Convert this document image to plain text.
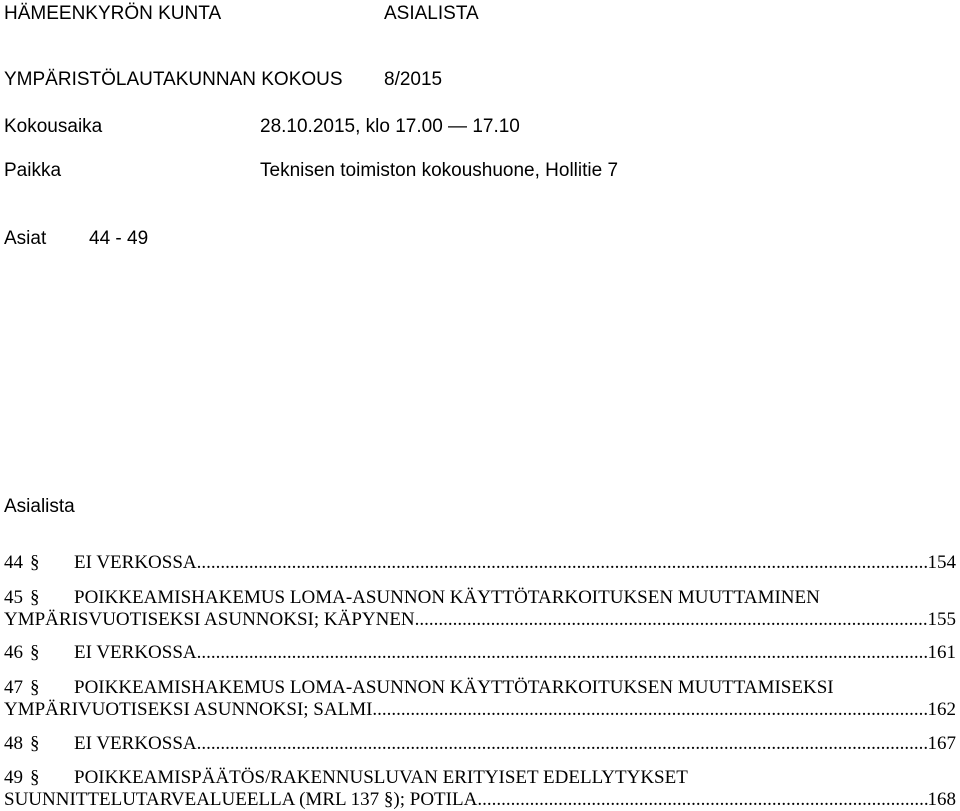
HÄMEENKYRÖN KUNTA	ASIALISTA
YMPÄRISTÖLAUTAKUNNAN KOKOUS 8/2015
Kokousaika	28.10.2015, klo 17.00 — 17.10
Paikka	Teknisen toimiston kokoushuone, Hollitie 7
Asiat 44 - 49
Asialista
44 § EI VERKOSSA .....	154
45 § POIKKEAMISHAKEMUS LOMA-ASUNNON KÄYTTÖTARKOITUKSEN MUUTTAMINEN
YMPÄRISVUOTISEKSI ASUNNOKSI; KÄPYNEN .....	155
46 § EI VERKOSSA .....	161
47 § POIKKEAMISHAKEMUS LOMA-ASUNNON KÄYTTÖTARKOITUKSEN MUUTTAMISEKSI
YMPÄRIVUOTISEKSI ASUNNOKSI; SALMI .....	162
48 § EI VERKOSSA .....	167
49 § POIKKEAMISPÄÄTÖS/RAKENNUSLUVAN ERITYISET EDELLYTYKSET
SUUNNITTELUTARVEALUEELLA (MRL 137 §); POTILA .....	168
